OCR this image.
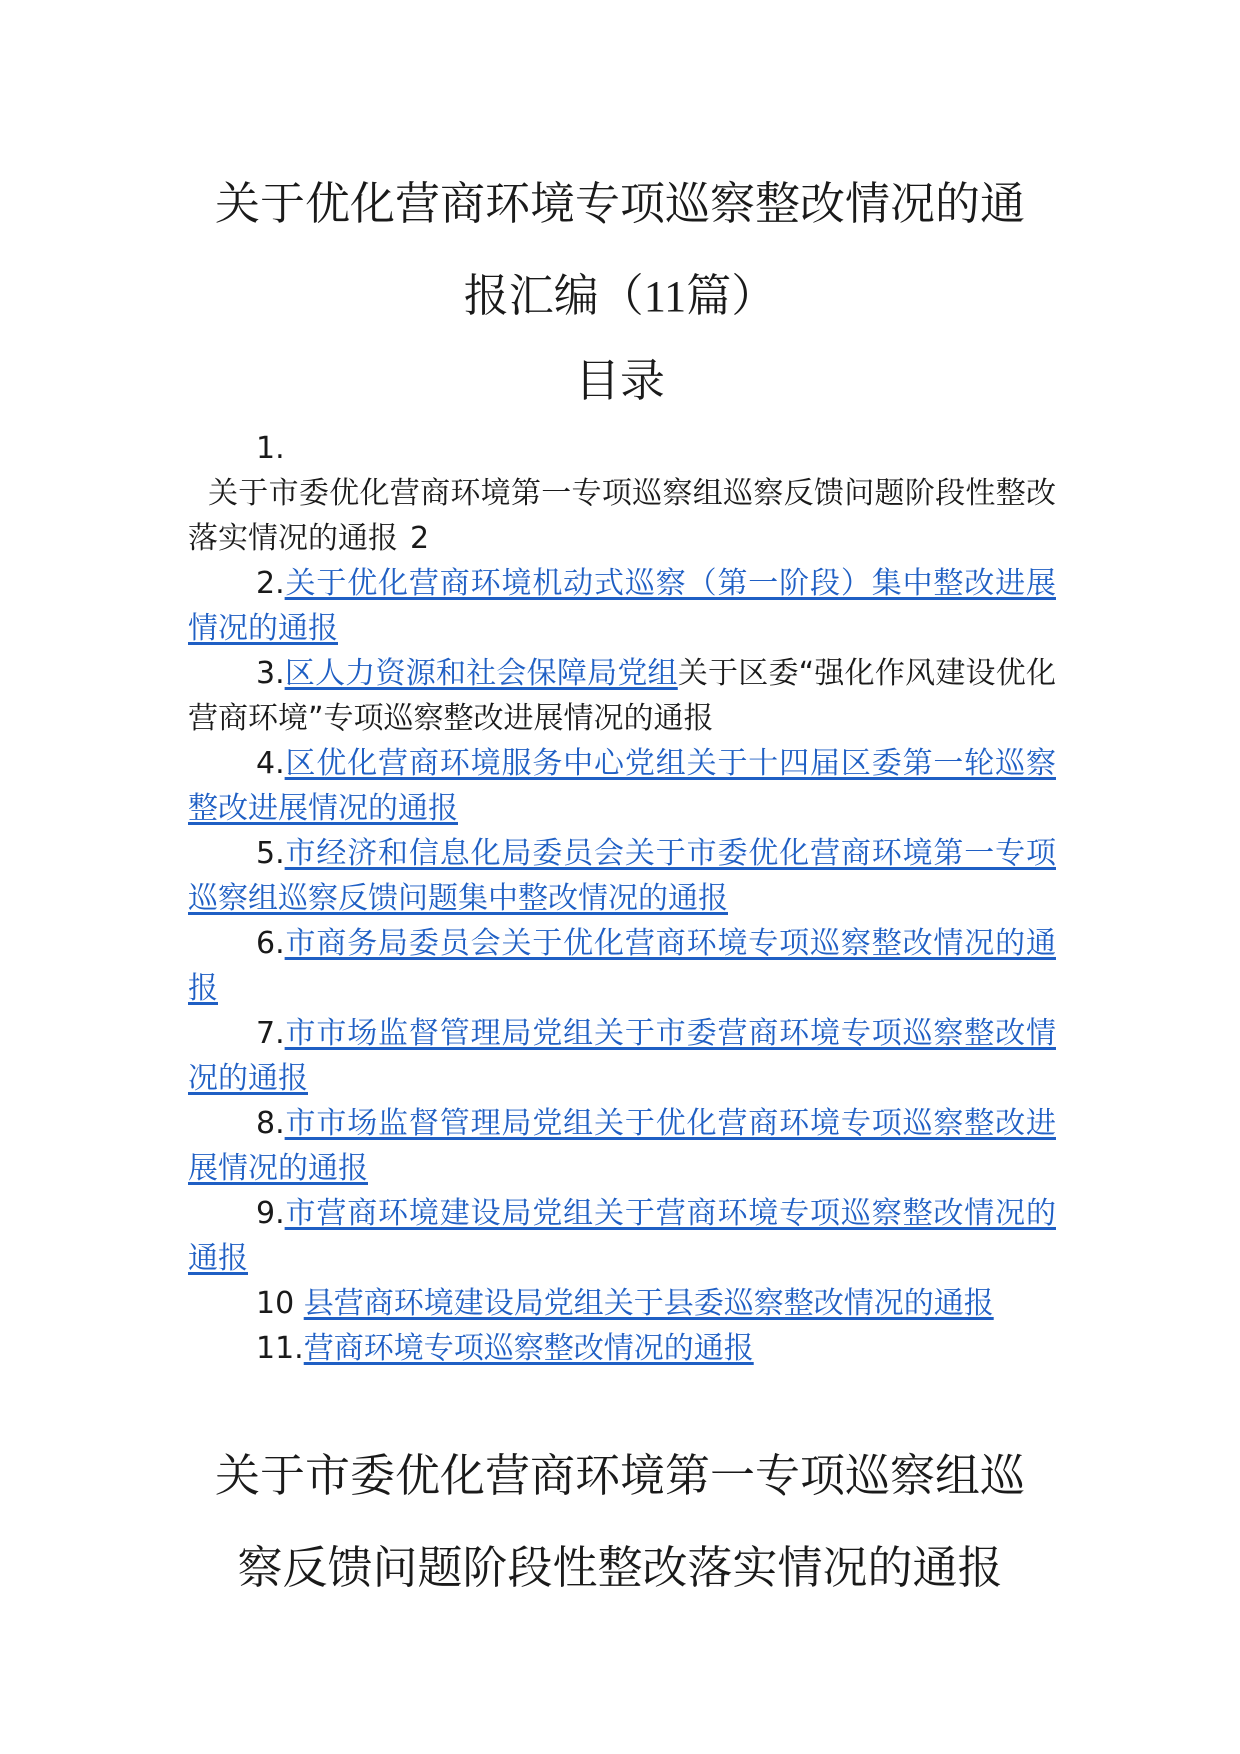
关于优化营商环境专项巡察整改情况的通
报汇编（11篇）
目录
1.
关于市委优化营商环境第一专项巡察组巡察反馈问题阶段性整改落实情况的通报 2
2.关于优化营商环境机动式巡察（第一阶段）集中整改进展情况的通报
3.区人力资源和社会保障局党组关于区委“强化作风建设优化营商环境”专项巡察整改进展情况的通报
4.区优化营商环境服务中心党组关于十四届区委第一轮巡察整改进展情况的通报
5.市经济和信息化局委员会关于市委优化营商环境第一专项巡察组巡察反馈问题集中整改情况的通报
6.市商务局委员会关于优化营商环境专项巡察整改情况的通报
7.市市场监督管理局党组关于市委营商环境专项巡察整改情况的通报
8.市市场监督管理局党组关于优化营商环境专项巡察整改进展情况的通报
9.市营商环境建设局党组关于营商环境专项巡察整改情况的通报
10 县营商环境建设局党组关于县委巡察整改情况的通报
11.营商环境专项巡察整改情况的通报
关于市委优化营商环境第一专项巡察组巡
察反馈问题阶段性整改落实情况的通报
